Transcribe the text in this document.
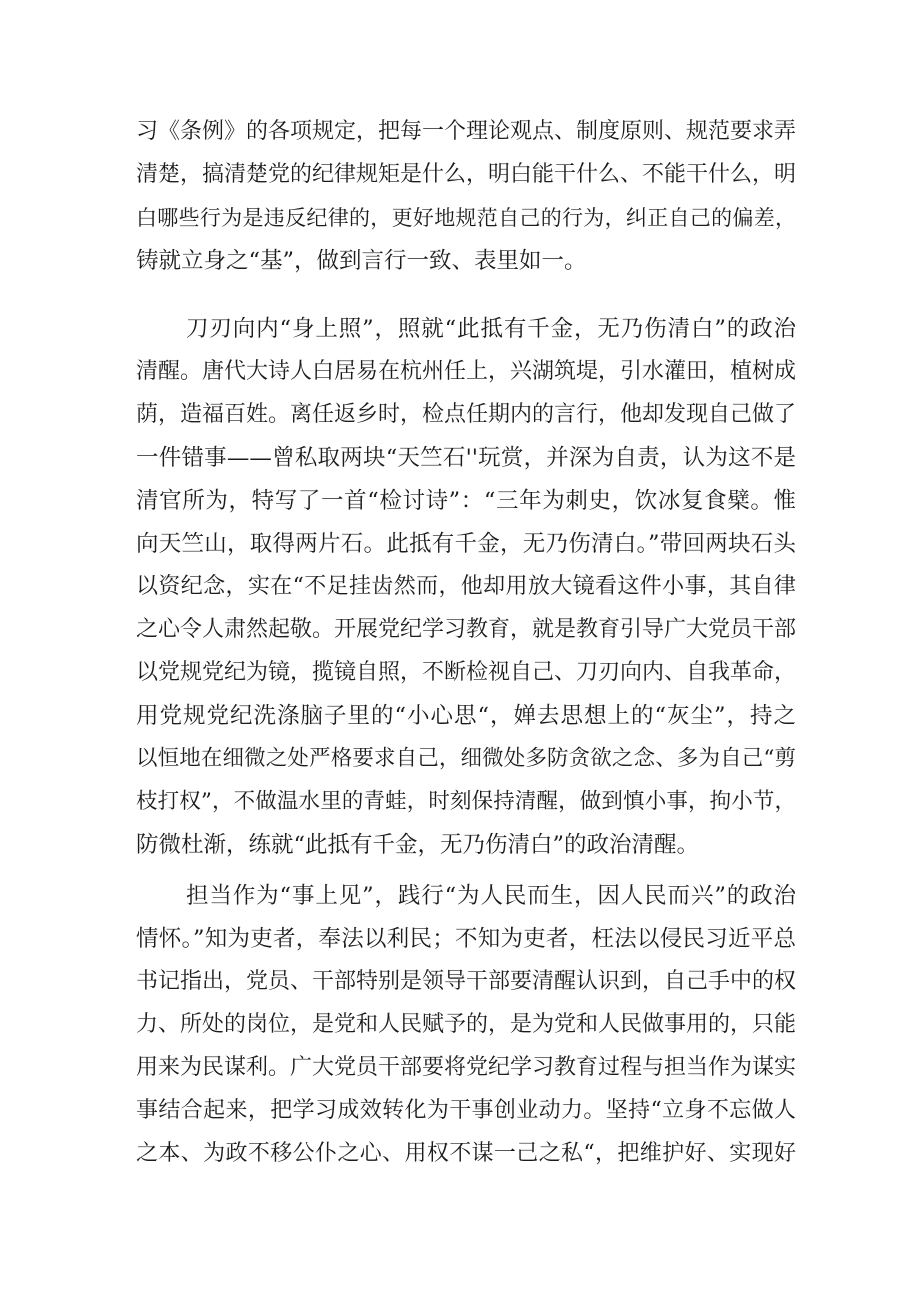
习《条例》的各项规定，把每一个理论观点、制度原则、规范要求弄
清楚，搞清楚党的纪律规矩是什么，明白能干什么、不能干什么，明
白哪些行为是违反纪律的，更好地规范自己的行为，纠正自己的偏差，
铸就立身之“基”，做到言行一致、表里如一。
刀刃向内“身上照”，照就“此抵有千金，无乃伤清白”的政治
清醒。唐代大诗人白居易在杭州任上，兴湖筑堤，引水灌田，植树成
荫，造福百姓。离任返乡时，检点任期内的言行，他却发现自己做了
一件错事——曾私取两块“天竺石''玩赏，并深为自责，认为这不是
清官所为，特写了一首“检讨诗”：“三年为刺史，饮冰复食檗。惟
向天竺山，取得两片石。此抵有千金，无乃伤清白。”带回两块石头
以资纪念，实在“不足挂齿然而，他却用放大镜看这件小事，其自律
之心令人肃然起敬。开展党纪学习教育，就是教育引导广大党员干部
以党规党纪为镜，揽镜自照，不断检视自己、刀刃向内、自我革命，
用党规党纪洗涤脑子里的“小心思“，婵去思想上的“灰尘”，持之
以恒地在细微之处严格要求自己，细微处多防贪欲之念、多为自己“剪
枝打权”，不做温水里的青蛙，时刻保持清醒，做到慎小事，拘小节，
防微杜渐，练就“此抵有千金，无乃伤清白”的政治清醒。
担当作为“事上见”，践行“为人民而生，因人民而兴”的政治
情怀。”知为吏者，奉法以利民；不知为吏者，枉法以侵民习近平总
书记指出，党员、干部特别是领导干部要清醒认识到，自己手中的权
力、所处的岗位，是党和人民赋予的，是为党和人民做事用的，只能
用来为民谋利。广大党员干部要将党纪学习教育过程与担当作为谋实
事结合起来，把学习成效转化为干事创业动力。坚持“立身不忘做人
之本、为政不移公仆之心、用权不谋一己之私“，把维护好、实现好
